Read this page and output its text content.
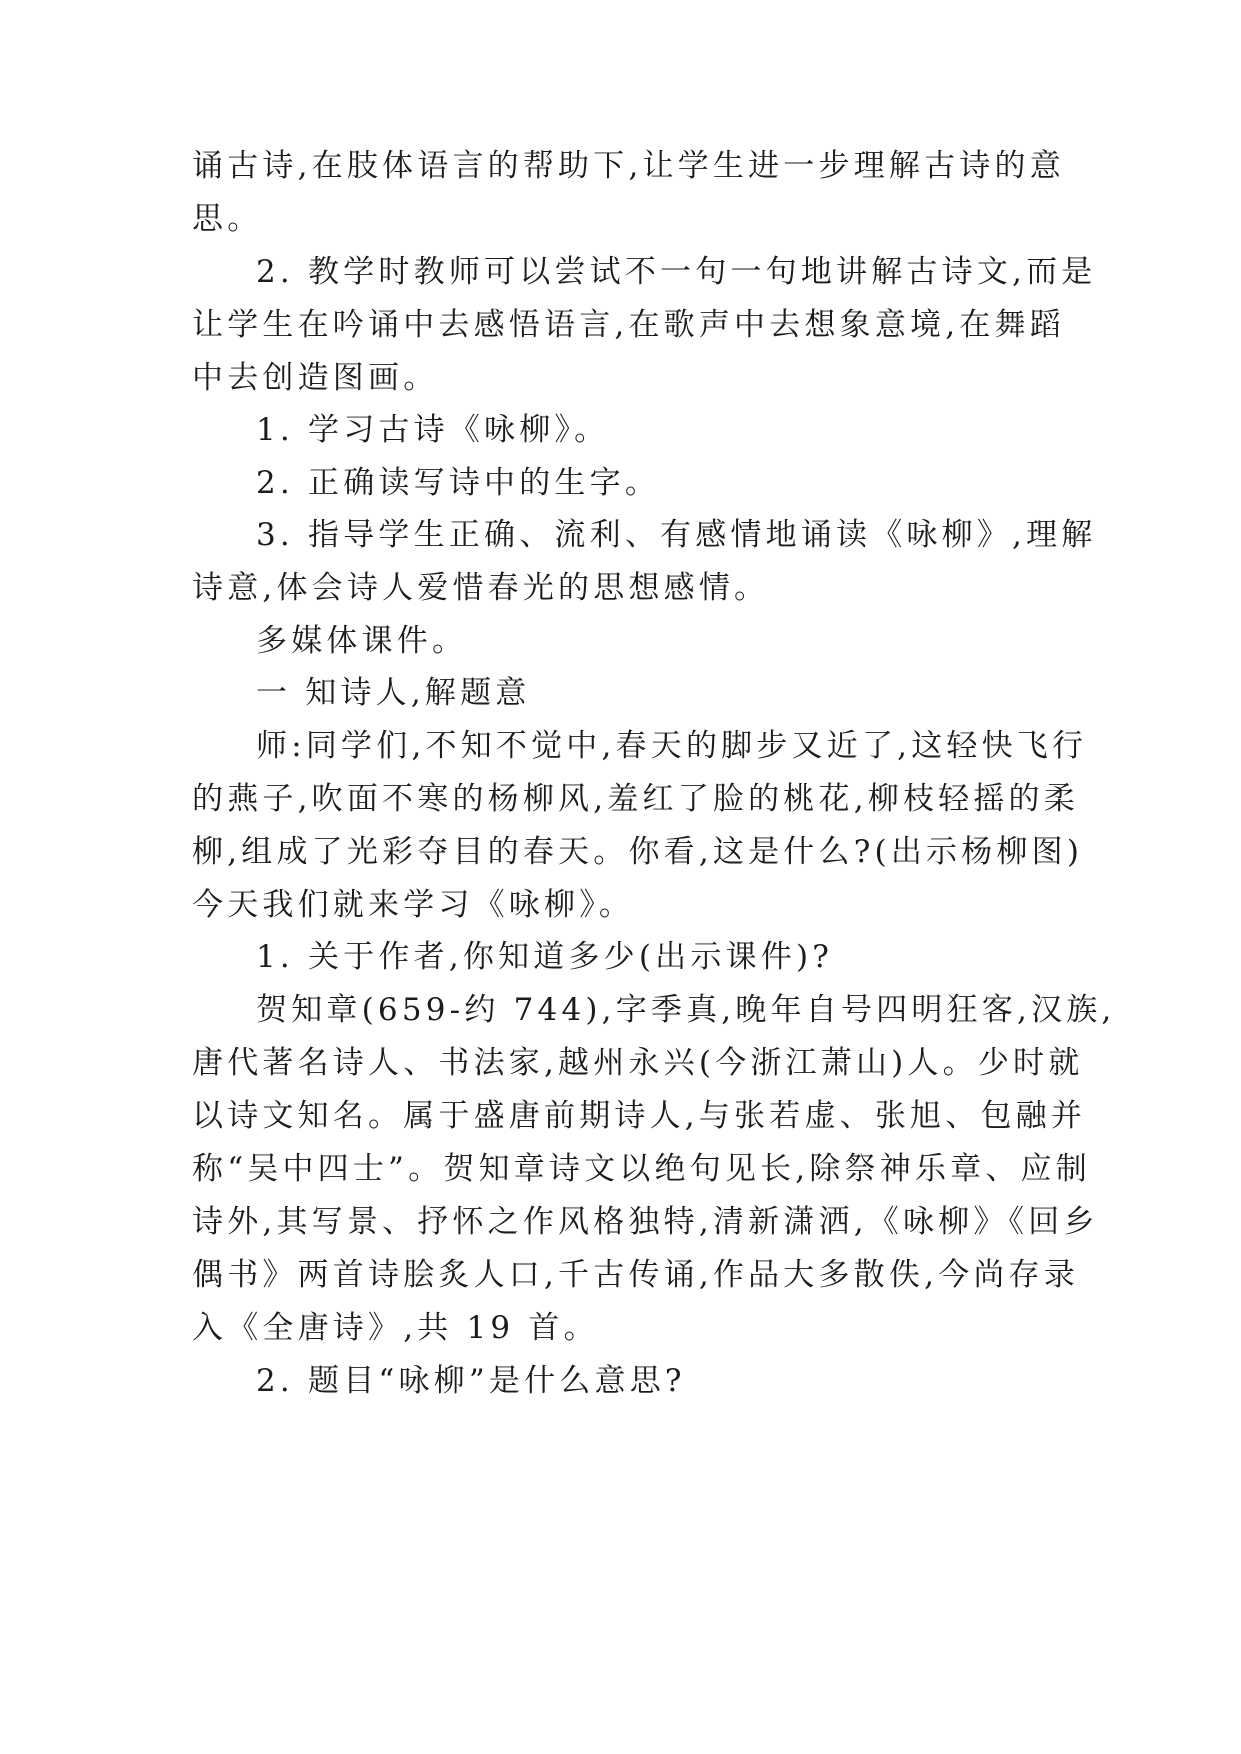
诵古诗,在肢体语言的帮助下,让学生进一步理解古诗的意

思。

2. 教学时教师可以尝试不一句一句地讲解古诗文,而是

让学生在吟诵中去感悟语言,在歌声中去想象意境,在舞蹈

中去创造图画。

1. 学习古诗《咏柳》。

2. 正确读写诗中的生字。

3. 指导学生正确、流利、有感情地诵读《咏柳》,理解

诗意,体会诗人爱惜春光的思想感情。

多媒体课件。

一 知诗人,解题意

师:同学们,不知不觉中,春天的脚步又近了,这轻快飞行

的燕子,吹面不寒的杨柳风,羞红了脸的桃花,柳枝轻摇的柔

柳,组成了光彩夺目的春天。你看,这是什么?(出示杨柳图)

今天我们就来学习《咏柳》。

1. 关于作者,你知道多少(出示课件)?

贺知章(659-约 744),字季真,晚年自号四明狂客,汉族,

唐代著名诗人、书法家,越州永兴(今浙江萧山)人。少时就

以诗文知名。属于盛唐前期诗人,与张若虚、张旭、包融并

称“吴中四士”。贺知章诗文以绝句见长,除祭神乐章、应制

诗外,其写景、抒怀之作风格独特,清新潇洒,《咏柳》《回乡

偶书》两首诗脍炙人口,千古传诵,作品大多散佚,今尚存录

入《全唐诗》,共 19 首。

2. 题目“咏柳”是什么意思?
